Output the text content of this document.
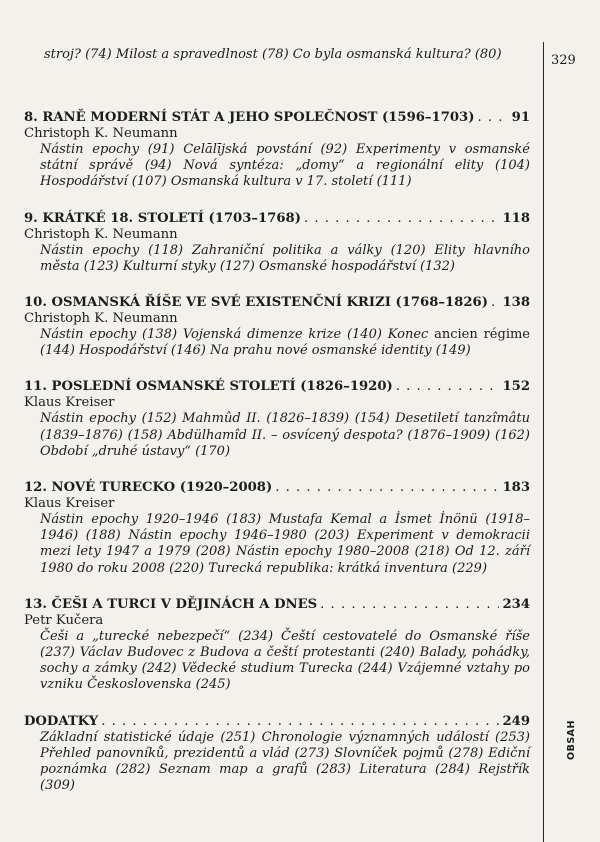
329
OBSAH
stroj? (74) Milost a spravedlnost (78) Co byla osmanská kultura? (80)
8. RANĚ MODERNÍ STÁT A JEHO SPOLEČNOST (1596–1703) . . .	91
Christoph K. Neumann
Nástin epochy (91) Celālījská povstání (92) Experimenty v osmanské státní správě (94) Nová syntéza: „domy“ a regionální elity (104) Hospodářství (107) Osmanská kultura v 17. století (111)
9. KRÁTKÉ 18. STOLETÍ (1703–1768) . . .	118
Christoph K. Neumann
Nástin epochy (118) Zahraniční politika a války (120) Elity hlavního města (123) Kulturní styky (127) Osmanské hospodářství (132)
10. OSMANSKÁ ŘÍŠE VE SVÉ EXISTENČNÍ KRIZI (1768–1826) . . . 138
Christoph K. Neumann
Nástin epochy (138) Vojenská dimenze krize (140) Konec ancien régime (144) Hospodářství (146) Na prahu nové osmanské identity (149)
11. POSLEDNÍ OSMANSKÉ STOLETÍ (1826–1920) . . .	152
Klaus Kreiser
Nástin epochy (152) Mahmûd II. (1826–1839) (154) Desetiletí tanzîmâtu (1839–1876) (158) Abdülhamîd II. – osvícený despota? (1876–1909) (162) Období „druhé ústavy“ (170)
12. NOVÉ TURECKO (1920–2008) . . .	183
Klaus Kreiser
Nástin epochy 1920–1946 (183) Mustafa Kemal a İsmet İnönü (1918–1946) (188) Nástin epochy 1946–1980 (203) Experiment v demokracii mezi lety 1947 a 1979 (208) Nástin epochy 1980–2008 (218) Od 12. září 1980 do roku 2008 (220) Turecká republika: krátká inventura (229)
13. ČEŠI A TURCI V DĚJINÁCH A DNES . . .	234
Petr Kučera
Češi a „turecké nebezpečí“ (234) Čeští cestovatelé do Osmanské říše (237) Václav Budovec z Budova a čeští protestanti (240) Balady, pohádky, sochy a zámky (242) Vědecké studium Turecka (244) Vzájemné vztahy po vzniku Československa (245)
DODATKY . . .	249
Základní statistické údaje (251) Chronologie významných událostí (253) Přehled panovníků, prezidentů a vlád (273) Slovníček pojmů (278) Ediční poznámka (282) Seznam map a grafů (283) Literatura (284) Rejstřík (309)
